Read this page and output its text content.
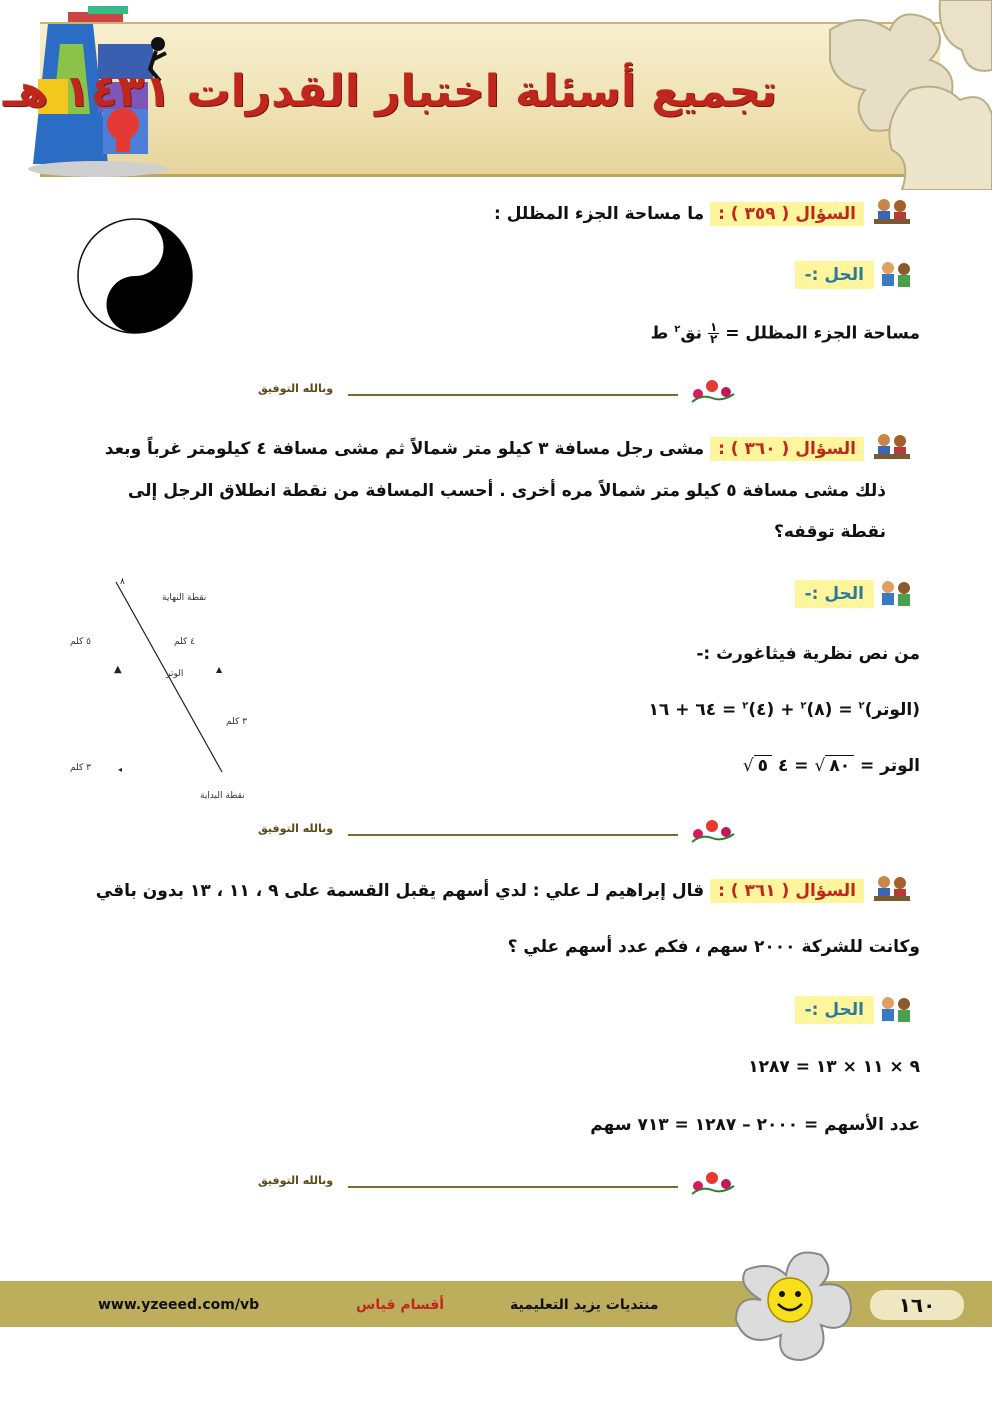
تجميع أسئلة اختبار القدرات ١٤٣١ هـ
السؤال ( ٣٥٩ ) : ما مساحة الجزء المظلل :
الحل :-
مساحة الجزء المظلل =
$\frac{١}{٢}$ نق$^٢$ ط
وبالله التوفيق
السؤال ( ٣٦٠ ) : مشى رجل مسافة ٣ كيلو متر شمالاً ثم مشى مسافة ٤ كيلومتر غرباً وبعد
ذلك مشى مسافة ٥ كيلو متر شمالاً مره أخرى . أحسب المسافة من نقطة انطلاق الرجل إلى
نقطة توقفه؟
۸
▲	▲
◂
نقطة النهاية
٥ كلم	٤ كلم
الوتر
٣ كلم
٣ كلم
نقطة البداية
الحل :-
من نص نظرية فيثاغورث :-
(الوتر)$^٢$ = (٨)$^٢$ + (٤)$^٢$ = ٦٤ + ١٦
الوتر = ٨٠√ = ٤ ٥√
وبالله التوفيق
السؤال ( ٣٦١ ) : قال إبراهيم لـ علي : لدي أسهم يقبل القسمة على ٩ ، ١١ ، ١٣ بدون باقي
وكانت للشركة ٢٠٠٠ سهم ، فكم عدد أسهم علي ؟
الحل :-
٩ × ١١ × ١٣ = ١٢٨٧
عدد الأسهم = ٢٠٠٠ – ١٢٨٧ = ٧١٣ سهم
وبالله التوفيق
www.yzeeed.com/vb	أقسام قياس	منتديات يزيد التعليمية	١٦٠
